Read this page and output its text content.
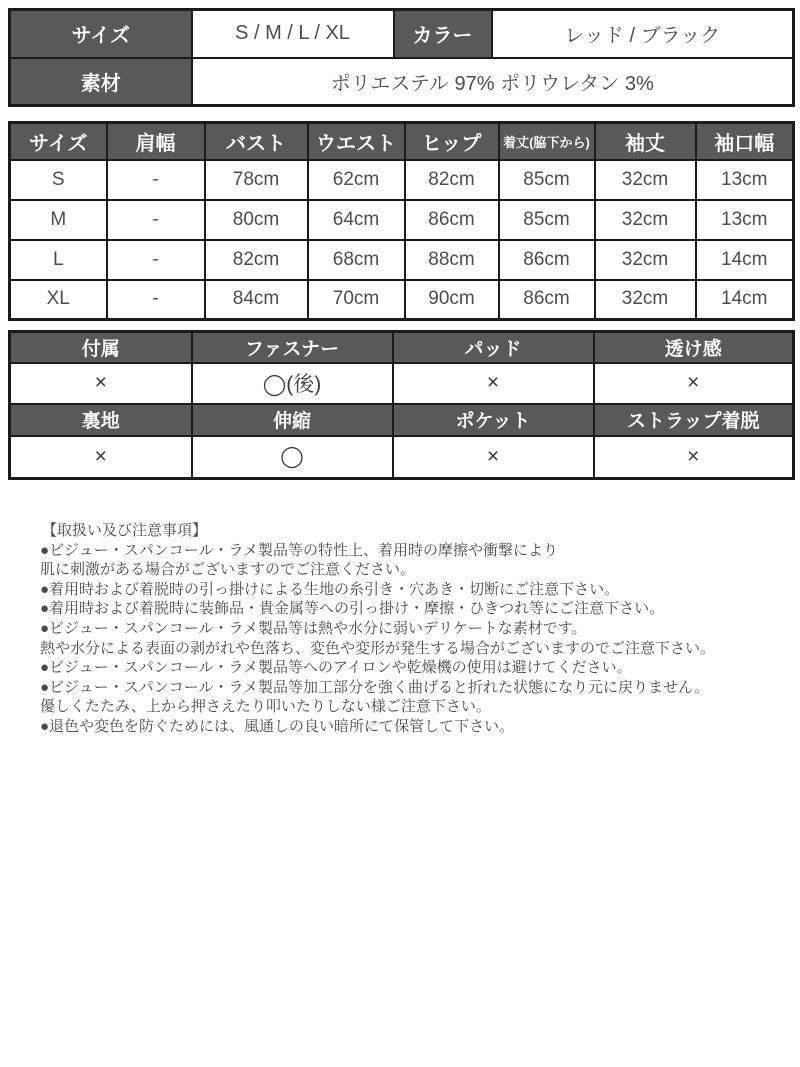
サイズ	S / M / L / XL	カラー	レッド / ブラック
素材	ポリエステル 97% ポリウレタン 3%		
サイズ	肩幅	バスト	ウエスト	ヒップ	着丈(脇下から)	袖丈	袖口幅
S	-	78cm	62cm	82cm	85cm	32cm	13cm
M	-	80cm	64cm	86cm	85cm	32cm	13cm
L	-	82cm	68cm	88cm	86cm	32cm	14cm
XL	-	84cm	70cm	90cm	86cm	32cm	14cm
付属	ファスナー	パッド	透け感
×	◯(後)	×	×
裏地	伸縮	ポケット	ストラップ着脱
×	◯	×	×
【取扱い及び注意事項】
●ビジュー・スパンコール・ラメ製品等の特性上、着用時の摩擦や衝撃により
肌に刺激がある場合がございますのでご注意ください。
●着用時および着脱時の引っ掛けによる生地の糸引き・穴あき・切断にご注意下さい。
●着用時および着脱時に装飾品・貴金属等への引っ掛け・摩擦・ひきつれ等にご注意下さい。
●ビジュー・スパンコール・ラメ製品等は熱や水分に弱いデリケートな素材です。
熱や水分による表面の剥がれや色落ち、変色や変形が発生する場合がございますのでご注意下さい。
●ビジュー・スパンコール・ラメ製品等へのアイロンや乾燥機の使用は避けてください。
●ビジュー・スパンコール・ラメ製品等加工部分を強く曲げると折れた状態になり元に戻りません。
優しくたたみ、上から押さえたり叩いたりしない様ご注意下さい。
●退色や変色を防ぐためには、風通しの良い暗所にて保管して下さい。
